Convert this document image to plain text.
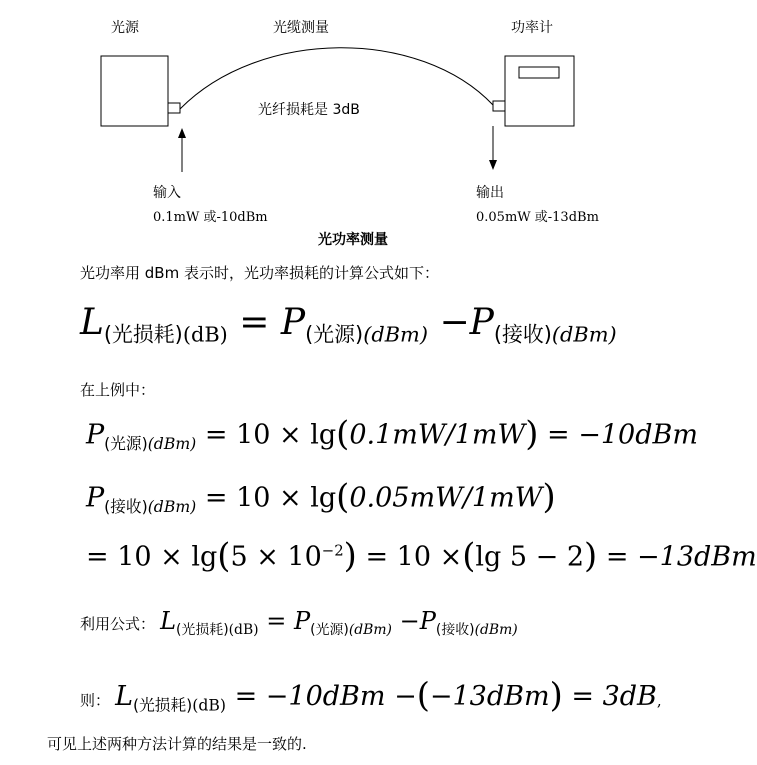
光源	光缆测量	功率计
光纤损耗是 3dB
输入
0.1mW 或-10dBm
输出
0.05mW 或-13dBm
光功率测量
光功率用 dBm 表示时，光功率损耗的计算公式如下：
$L_{(光损耗)(dB)} = P_{(光源)(dBm)} -P_{(接收)(dBm)}$
在上例中：
$P_{(光源)(dBm)} = 10 \times \lg(0.1mW/1mW) = -10dBm$
$P_{(接收)(dBm)} = 10 \times \lg(0.05mW/1mW)$
= $10 \times \lg(5 \times 10^{-2}) = 10 \times(\lg$ 5 − 2) = −13dBm
利用公式： $L_{(光损耗)(dB)} = P_{(光源)(dBm)} -P_{(接收)(dBm)}$
则： $L_{(光损耗)(dB)} = -10dBm -(-13dBm) = 3dB$,
可见上述两种方法计算的结果是一致的.
